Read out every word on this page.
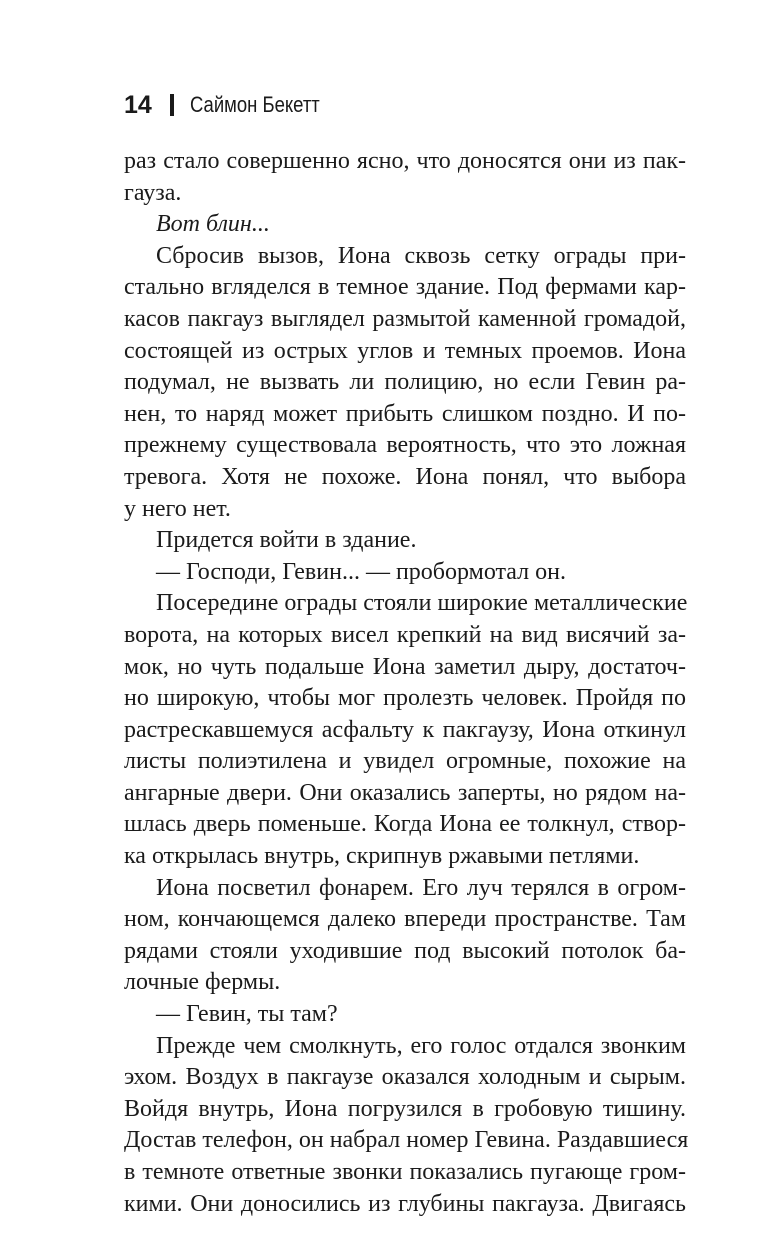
14 Саймон Бекетт
раз стало совершенно ясно, что доносятся они из пак-
гауза.
Вот блин...
Сбросив вызов, Иона сквозь сетку ограды при-
стально вгляделся в темное здание. Под фермами кар-
касов пакгауз выглядел размытой каменной громадой,
состоящей из острых углов и темных проемов. Иона
подумал, не вызвать ли полицию, но если Гевин ра-
нен, то наряд может прибыть слишком поздно. И по-
прежнему существовала вероятность, что это ложная
тревога. Хотя не похоже. Иона понял, что выбора
у него нет.
Придется войти в здание.
— Господи, Гевин... — пробормотал он.
Посередине ограды стояли широкие металлические
ворота, на которых висел крепкий на вид висячий за-
мок, но чуть подальше Иона заметил дыру, достаточ-
но широкую, чтобы мог пролезть человек. Пройдя по
растрескавшемуся асфальту к пакгаузу, Иона откинул
листы полиэтилена и увидел огромные, похожие на
ангарные двери. Они оказались заперты, но рядом на-
шлась дверь поменьше. Когда Иона ее толкнул, створ-
ка открылась внутрь, скрипнув ржавыми петлями.
Иона посветил фонарем. Его луч терялся в огром-
ном, кончающемся далеко впереди пространстве. Там
рядами стояли уходившие под высокий потолок ба-
лочные фермы.
— Гевин, ты там?
Прежде чем смолкнуть, его голос отдался звонким
эхом. Воздух в пакгаузе оказался холодным и сырым.
Войдя внутрь, Иона погрузился в гробовую тишину.
Достав телефон, он набрал номер Гевина. Раздавшиеся
в темноте ответные звонки показались пугающе гром-
кими. Они доносились из глубины пакгауза. Двигаясь
